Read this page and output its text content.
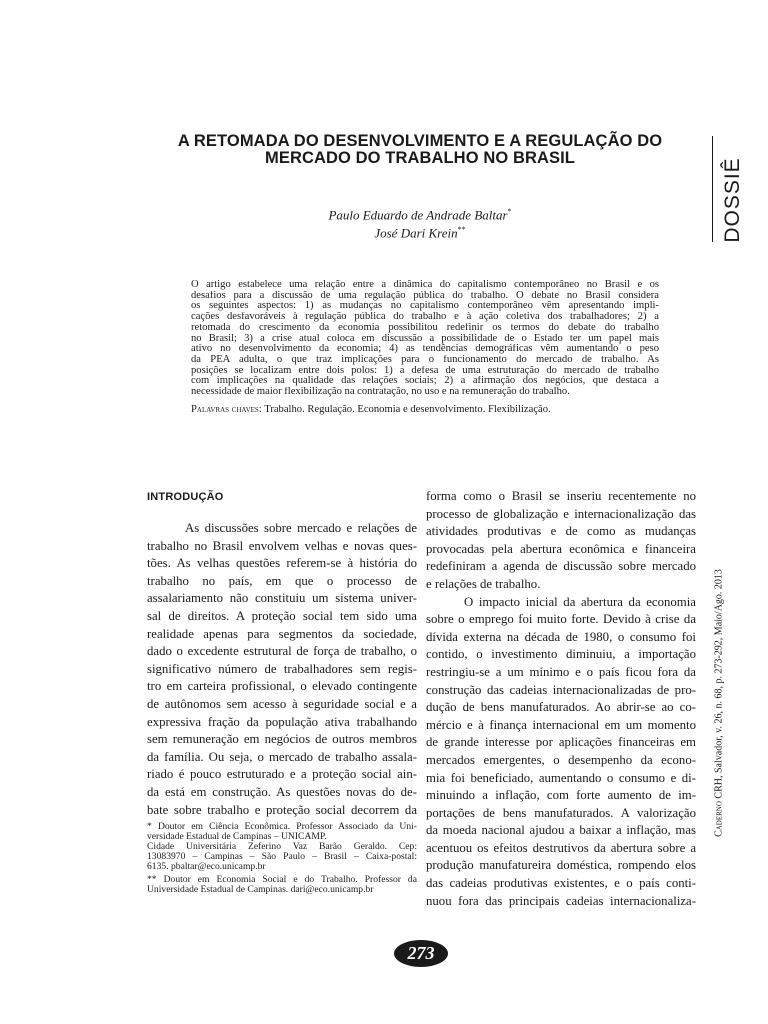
A RETOMADA DO DESENVOLVIMENTO E A REGULAÇÃO DO
MERCADO DO TRABALHO NO BRASIL	DOSSIÊ
Paulo Eduardo de Andrade Baltar*
José Dari Krein**
O artigo estabelece uma relação entre a dinâmica do capitalismo contemporâneo no Brasil e os
desafios para a discussão de uma regulação pública do trabalho. O debate no Brasil considera
os seguintes aspectos: 1) as mudanças no capitalismo contemporâneo vêm apresentando impli-
cações desfavoráveis à regulação pública do trabalho e à ação coletiva dos trabalhadores; 2) a
retomada do crescimento da economia possibilitou redefinir os termos do debate do trabalho
no Brasil; 3) a crise atual coloca em discussão a possibilidade de o Estado ter um papel mais
ativo no desenvolvimento da economia; 4) as tendências demográficas vêm aumentando o peso
da PEA adulta, o que traz implicações para o funcionamento do mercado de trabalho. As
posições se localizam entre dois polos: 1) a defesa de uma estruturação do mercado de trabalho
com implicações na qualidade das relações sociais; 2) a afirmação dos negócios, que destaca a
necessidade de maior flexibilização na contratação, no uso e na remuneração do trabalho.
Palavras chaves: Trabalho. Regulação. Economia e desenvolvimento. Flexibilização.
INTRODUÇÃO
As discussões sobre mercado e relações de
trabalho no Brasil envolvem velhas e novas ques-
tões. As velhas questões referem-se à história do
trabalho no país, em que o processo de
assalariamento não constituiu um sistema univer-
sal de direitos. A proteção social tem sido uma
realidade apenas para segmentos da sociedade,
dado o excedente estrutural de força de trabalho, o
significativo número de trabalhadores sem regis-
tro em carteira profissional, o elevado contingente
de autônomos sem acesso à seguridade social e a
expressiva fração da população ativa trabalhando
sem remuneração em negócios de outros membros
da família. Ou seja, o mercado de trabalho assala-
riado é pouco estruturado e a proteção social ain-
da está em construção. As questões novas do de-
bate sobre trabalho e proteção social decorrem da
forma como o Brasil se inseriu recentemente no
processo de globalização e internacionalização das
atividades produtivas e de como as mudanças
provocadas pela abertura econômica e financeira
redefiniram a agenda de discussão sobre mercado
e relações de trabalho.
O impacto inicial da abertura da economia
sobre o emprego foi muito forte. Devido à crise da
dívida externa na década de 1980, o consumo foi
contido, o investimento diminuiu, a importação
restringiu-se a um mínimo e o país ficou fora da
construção das cadeias internacionalizadas de pro-
dução de bens manufaturados. Ao abrir-se ao co-
mércio e à finança internacional em um momento
de grande interesse por aplicações financeiras em
mercados emergentes, o desempenho da econo-
mia foi beneficiado, aumentando o consumo e di-
minuindo a inflação, com forte aumento de im-
portações de bens manufaturados. A valorização
da moeda nacional ajudou a baixar a inflação, mas
acentuou os efeitos destrutivos da abertura sobre a
produção manufatureira doméstica, rompendo elos
das cadeias produtivas existentes, e o país conti-
nuou fora das principais cadeias internacionaliza-
* Doutor em Ciência Econômica. Professor Associado da Uni-
versidade Estadual de Campinas – UNICAMP.
Cidade Universitária Zeferino Vaz Barão Geraldo. Cep:
13083970 – Campinas – São Paulo – Brasil – Caixa-postal:
6135. pbaltar@eco.unicamp.br
** Doutor em Economia Social e do Trabalho. Professor da
Universidade Estadual de Campinas. dari@eco.unicamp.br
Caderno CRH, Salvador, v. 26, n. 68, p. 273-292, Maio/Ago. 2013
273
